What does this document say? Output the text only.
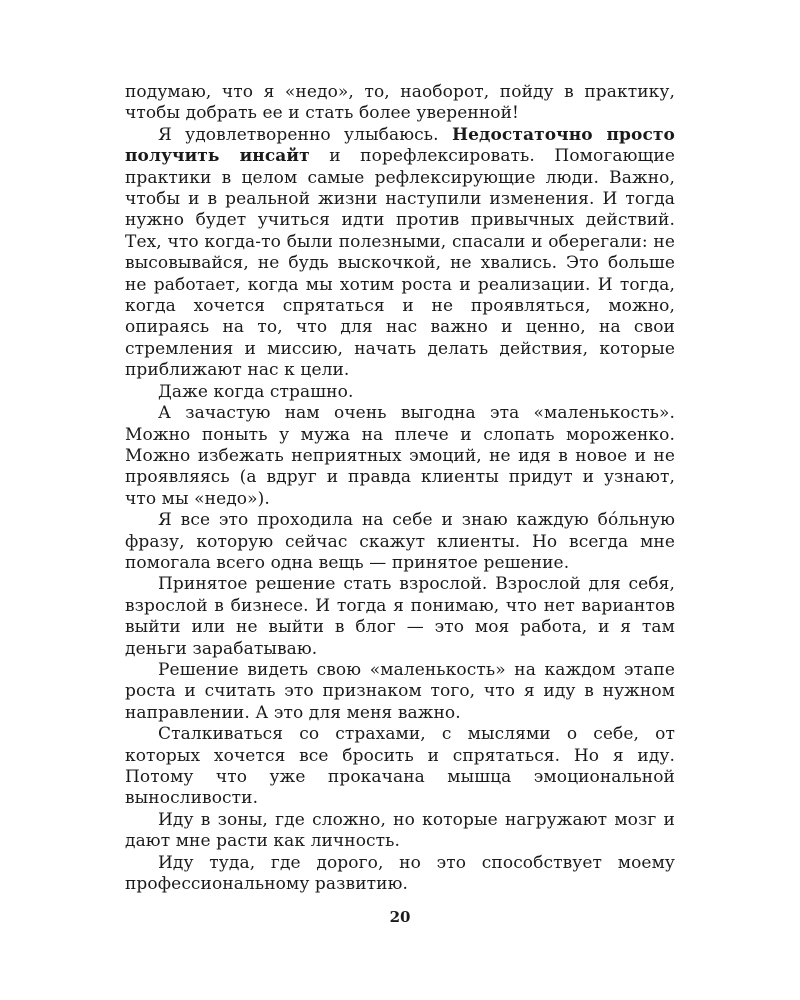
подумаю, что я «недо», то, наоборот, пойду в практику, чтобы добрать ее и стать более уверенной!

Я удовлетворенно улыбаюсь. Недостаточно просто получить инсайт и порефлексировать. Помогающие практики в целом самые рефлексирующие люди. Важно, чтобы и в реальной жизни наступили изменения. И тогда нужно будет учиться идти против привычных действий. Тех, что когда-то были полезными, спасали и оберегали: не высовывайся, не будь выскочкой, не хвались. Это больше не работает, когда мы хотим роста и реализации. И тогда, когда хочется спрятаться и не проявляться, можно, опираясь на то, что для нас важно и ценно, на свои стремления и миссию, начать делать действия, которые приближают нас к цели.

Даже когда страшно.

А зачастую нам очень выгодна эта «маленькость». Можно поныть у мужа на плече и слопать мороженко. Можно избежать неприятных эмоций, не идя в новое и не проявляясь (а вдруг и правда клиенты придут и узнают, что мы «недо»).

Я все это проходила на себе и знаю каждую бóльную фразу, которую сейчас скажут клиенты. Но всегда мне помогала всего одна вещь — принятое решение.

Принятое решение стать взрослой. Взрослой для себя, взрослой в бизнесе. И тогда я понимаю, что нет вариантов выйти или не выйти в блог — это моя работа, и я там деньги зарабатываю.

Решение видеть свою «маленькость» на каждом этапе роста и считать это признаком того, что я иду в нужном направлении. А это для меня важно.

Сталкиваться со страхами, с мыслями о себе, от которых хочется все бросить и спрятаться. Но я иду. Потому что уже прокачана мышца эмоциональной выносливости.

Иду в зоны, где сложно, но которые нагружают мозг и дают мне расти как личность.

Иду туда, где дорого, но это способствует моему профессиональному развитию.

20
